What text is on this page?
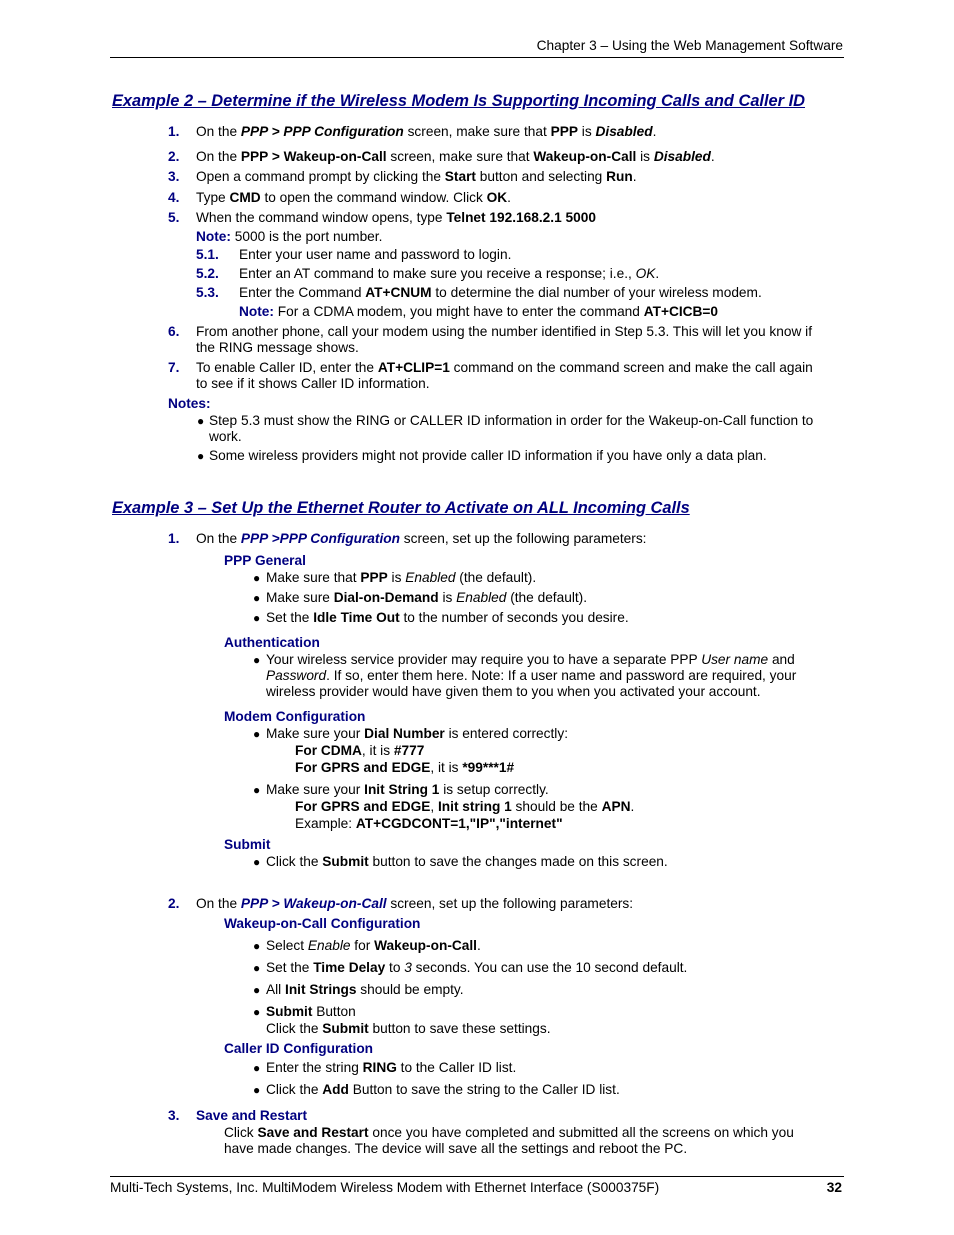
Chapter 3 – Using the Web Management Software
Example 2 – Determine if the Wireless Modem Is Supporting Incoming Calls and Caller ID
1. On the PPP > PPP Configuration screen, make sure that PPP is Disabled.
2. On the PPP > Wakeup-on-Call screen, make sure that Wakeup-on-Call is Disabled.
3. Open a command prompt by clicking the Start button and selecting Run.
4. Type CMD to open the command window. Click OK.
5. When the command window opens, type Telnet 192.168.2.1 5000
Note: 5000 is the port number.
5.1. Enter your user name and password to login.
5.2. Enter an AT command to make sure you receive a response; i.e., OK.
5.3. Enter the Command AT+CNUM to determine the dial number of your wireless modem.
Note: For a CDMA modem, you might have to enter the command AT+CICB=0
6. From another phone, call your modem using the number identified in Step 5.3. This will let you know if
the RING message shows.
7. To enable Caller ID, enter the AT+CLIP=1 command on the command screen and make the call again
to see if it shows Caller ID information.
Notes:
● Step 5.3 must show the RING or CALLER ID information in order for the Wakeup-on-Call function to
work.
● Some wireless providers might not provide caller ID information if you have only a data plan.
Example 3 – Set Up the Ethernet Router to Activate on ALL Incoming Calls
1. On the PPP >PPP Configuration screen, set up the following parameters:
PPP General
● Make sure that PPP is Enabled (the default).
● Make sure Dial-on-Demand is Enabled (the default).
● Set the Idle Time Out to the number of seconds you desire.
Authentication
● Your wireless service provider may require you to have a separate PPP User name and
Password. If so, enter them here. Note: If a user name and password are required, your
wireless provider would have given them to you when you activated your account.
Modem Configuration
● Make sure your Dial Number is entered correctly:
For CDMA, it is #777
For GPRS and EDGE, it is *99***1#
● Make sure your Init String 1 is setup correctly.
For GPRS and EDGE, Init string 1 should be the APN.
Example: AT+CGDCONT=1,"IP","internet"
Submit
● Click the Submit button to save the changes made on this screen.
2. On the PPP > Wakeup-on-Call screen, set up the following parameters:
Wakeup-on-Call Configuration
● Select Enable for Wakeup-on-Call.
● Set the Time Delay to 3 seconds. You can use the 10 second default.
● All Init Strings should be empty.
● Submit Button
Click the Submit button to save these settings.
Caller ID Configuration
● Enter the string RING to the Caller ID list.
● Click the Add Button to save the string to the Caller ID list.
3. Save and Restart
Click Save and Restart once you have completed and submitted all the screens on which you
have made changes. The device will save all the settings and reboot the PC.
Multi-Tech Systems, Inc. MultiModem Wireless Modem with Ethernet Interface (S000375F)	32
